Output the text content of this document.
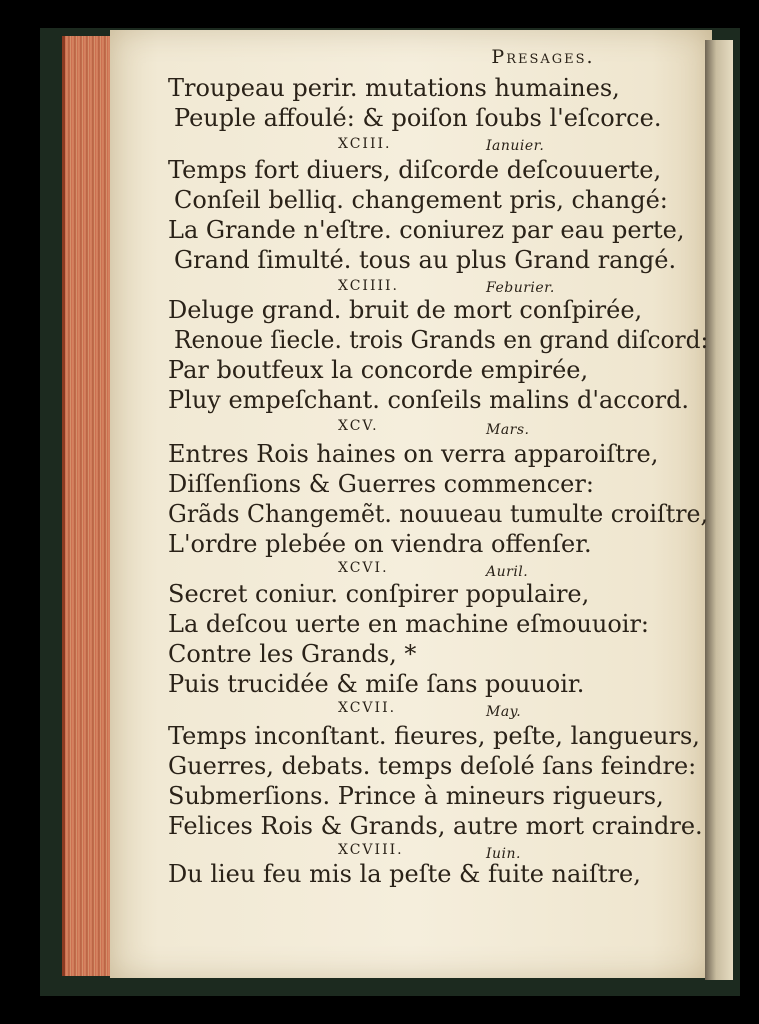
Presages.
Troupeau perir. mutations humaines,
Peuple affoulé: & poiſon ſoubs l'eſcorce.
XCIII.	Ianuier.
Temps fort diuers, diſcorde deſcouuerte,
Conſeil belliq. changement pris, changé:
La Grande n'eſtre. coniurez par eau perte,
Grand ſimulté. tous au plus Grand rangé.
XCIIII.	Feburier.
Deluge grand. bruit de mort conſpirée,
Renoue ſiecle. trois Grands en grand diſcord:
Par boutfeux la concorde empirée,
Pluy empeſchant. conſeils malins d'accord.
XCV.	Mars.
Entres Rois haines on verra apparoiſtre,
Diſſenſions & Guerres commencer:
Grãds Changemẽt. nouueau tumulte croiſtre,
L'ordre plebée on viendra offenſer.
XCVI.	Auril.
Secret coniur. conſpirer populaire,
La deſcou uerte en machine eſmouuoir:
Contre les Grands, *
Puis trucidée & miſe ſans pouuoir.
XCVII.	May.
Temps inconſtant. fieures, peſte, langueurs,
Guerres, debats. temps deſolé ſans feindre:
Submerſions. Prince à mineurs rigueurs,
Felices Rois & Grands, autre mort craindre.
XCVIII.	Iuin.
Du lieu feu mis la peſte & fuite naiſtre,
